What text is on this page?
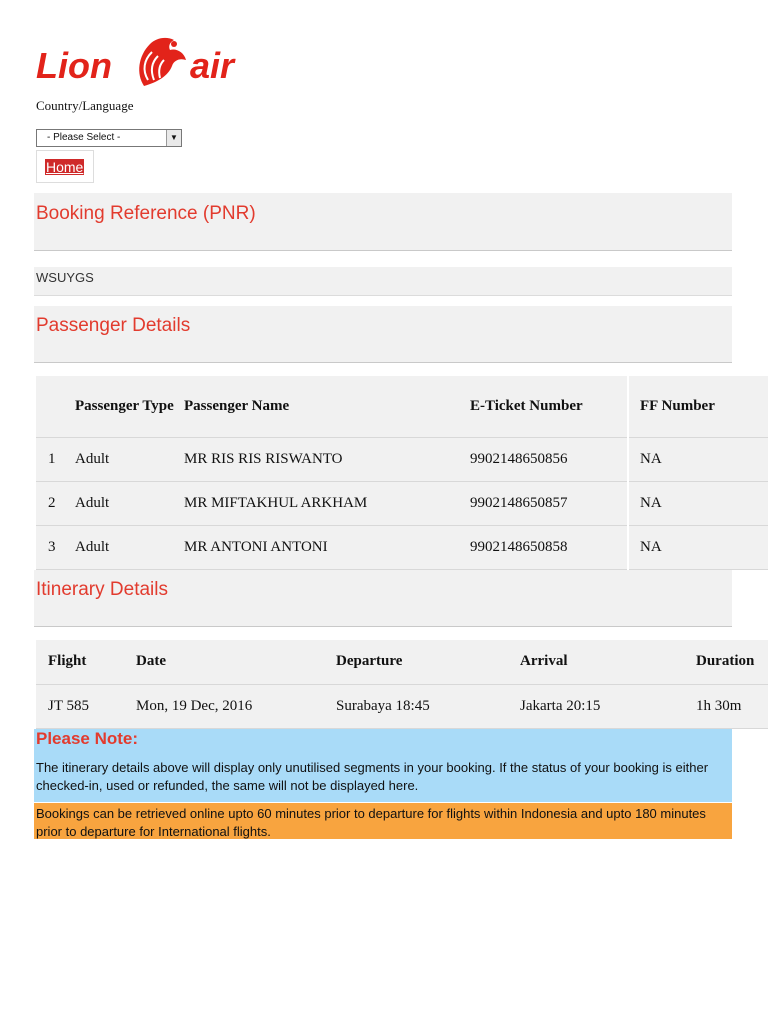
Lion air
Country/Language
- Please Select -	▼
Home
Booking Reference (PNR)
WSUYGS
Passenger Details
	Passenger Type	Passenger Name	E-Ticket Number	FF Number
1	Adult	MR RIS RIS RISWANTO	9902148650856	NA
2	Adult	MR MIFTAKHUL ARKHAM	9902148650857	NA
3	Adult	MR ANTONI ANTONI	9902148650858	NA
Itinerary Details
Flight	Date	Departure	Arrival	Duration
JT 585	Mon, 19 Dec, 2016	Surabaya 18:45	Jakarta 20:15	1h 30m
Please Note:
The itinerary details above will display only unutilised segments in your booking. If the status of your booking is either checked-in, used or refunded, the same will not be displayed here.
Bookings can be retrieved online upto 60 minutes prior to departure for flights within Indonesia and upto 180 minutes prior to departure for International flights.
